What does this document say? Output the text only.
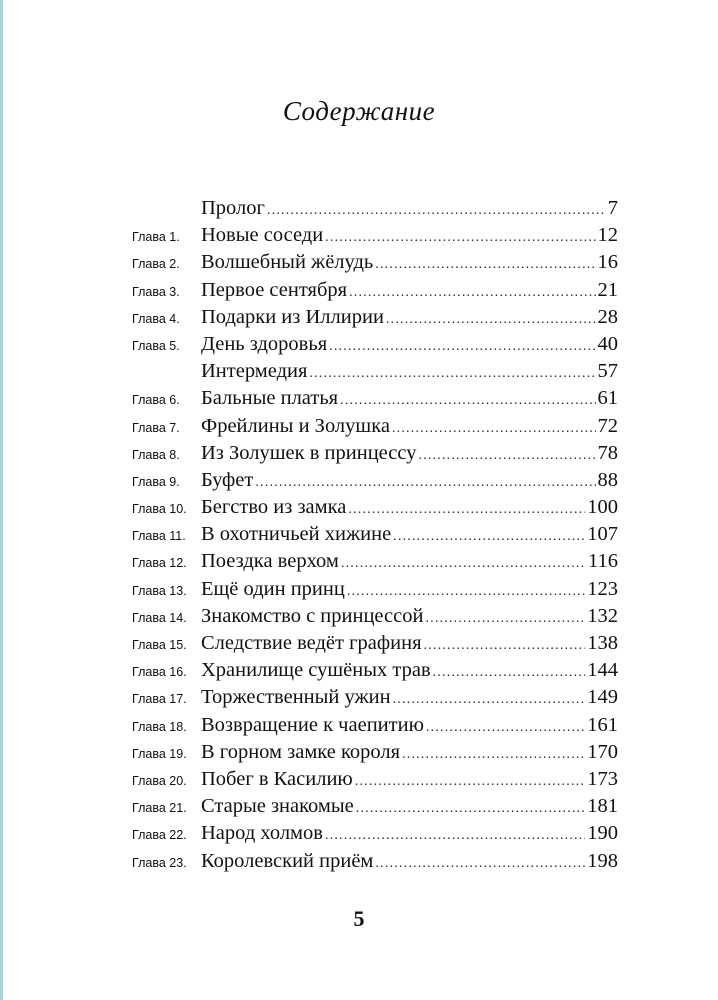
Содержание
Пролог .....	7
Глава 1.	Новые соседи .....	12
Глава 2.	Волшебный жёлудь .....	16
Глава 3.	Первое сентября .....	21
Глава 4.	Подарки из Иллирии .....	28
Глава 5.	День здоровья .....	40
Интермедия .....	57
Глава 6.	Бальные платья .....	61
Глава 7.	Фрейлины и Золушка .....	72
Глава 8.	Из Золушек в принцессу .....	78
Глава 9.	Буфет .....	88
Глава 10. Бегство из замка .....	100
Глава 11. В охотничьей хижине .....	107
Глава 12. Поездка верхом .....	116
Глава 13. Ещё один принц .....	123
Глава 14. Знакомство с принцессой .....	132
Глава 15. Следствие ведёт графиня .....	138
Глава 16. Хранилище сушёных трав .....	144
Глава 17. Торжественный ужин .....	149
Глава 18. Возвращение к чаепитию .....	161
Глава 19. В горном замке короля .....	170
Глава 20. Побег в Касилию .....	173
Глава 21. Старые знакомые .....	181
Глава 22. Народ холмов .....	190
Глава 23. Королевский приём .....	198
5
